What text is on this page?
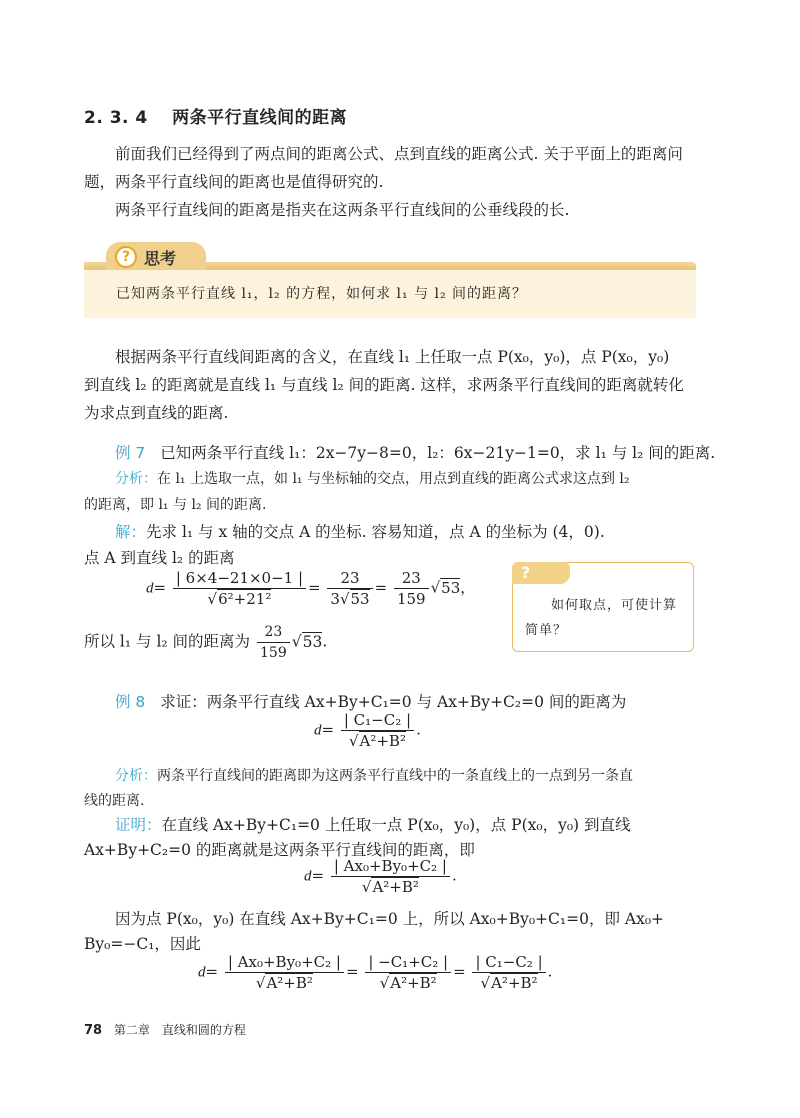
2. 3. 4 两条平行直线间的距离
前面我们已经得到了两点间的距离公式、点到直线的距离公式. 关于平面上的距离问
题，两条平行直线间的距离也是值得研究的.
两条平行直线间的距离是指夹在这两条平行直线间的公垂线段的长.
? 思考
已知两条平行直线 l₁，l₂ 的方程，如何求 l₁ 与 l₂ 间的距离？
根据两条平行直线间距离的含义，在直线 l₁ 上任取一点 P(x₀，y₀)，点 P(x₀，y₀)
到直线 l₂ 的距离就是直线 l₁ 与直线 l₂ 间的距离. 这样，求两条平行直线间的距离就转化
为求点到直线的距离.
例 7 已知两条平行直线 l₁：2x−7y−8=0，l₂：6x−21y−1=0，求 l₁ 与 l₂ 间的距离.
分析：在 l₁ 上选取一点，如 l₁ 与坐标轴的交点，用点到直线的距离公式求这点到 l₂
的距离，即 l₁ 与 l₂ 间的距离.
解：先求 l₁ 与 x 轴的交点 A 的坐标. 容易知道，点 A 的坐标为 (4，0).
点 A 到直线 l₂ 的距离
$d= \frac{| 6\times 4-21\times 0-1 |}{\text{√6²+21²}} = \frac{23}{3√53} = \frac{23}{159} √53$，
所以 l₁ 与 l₂ 间的距离为 $\frac{23}{159} √53$.
?
如何取点，可使计算
简单？
例 8 求证：两条平行直线 Ax+By+C₁=0 与 Ax+By+C₂=0 间的距离为
$d= \frac{\text{| C₁−C₂ |}}{\text{√A²+B²}}$ .
分析：两条平行直线间的距离即为这两条平行直线中的一条直线上的一点到另一条直
线的距离.
证明：在直线 Ax+By+C₁=0 上任取一点 P(x₀，y₀)，点 P(x₀，y₀) 到直线
Ax+By+C₂=0 的距离就是这两条平行直线间的距离，即
$d= \frac{\text{| Ax₀+By₀+C₂ |}}{\text{√A²+B²}}$ .
因为点 P(x₀，y₀) 在直线 Ax+By+C₁=0 上，所以 Ax₀+By₀+C₁=0，即 Ax₀+
By₀=−C₁，因此
$d= \frac{\text{| Ax₀+By₀+C₂ |}}{\text{√A²+B²}} = \frac{\text{| −C₁+C₂ |}}{\text{√A²+B²}} = \frac{\text{| C₁−C₂ |}}{\text{√A²+B²}}$ .
78 第二章　直线和圆的方程
